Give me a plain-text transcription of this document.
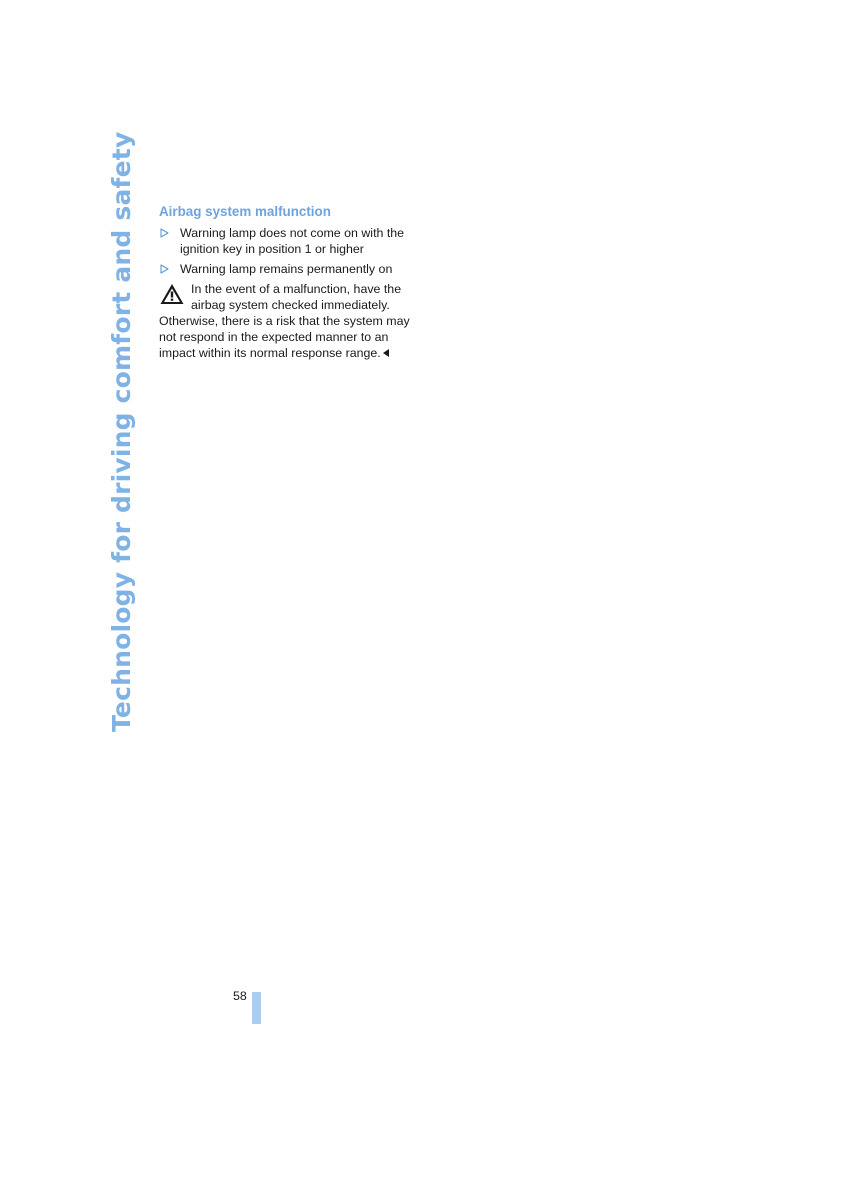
Technology for driving comfort and safety Airbag system malfunction
Warning lamp does not come on with the ignition key in position 1 or higher
Warning lamp remains permanently on
In the event of a malfunction, have the airbag system checked immediately. Otherwise, there is a risk that the system may not respond in the expected manner to an impact within its normal response range.
58
